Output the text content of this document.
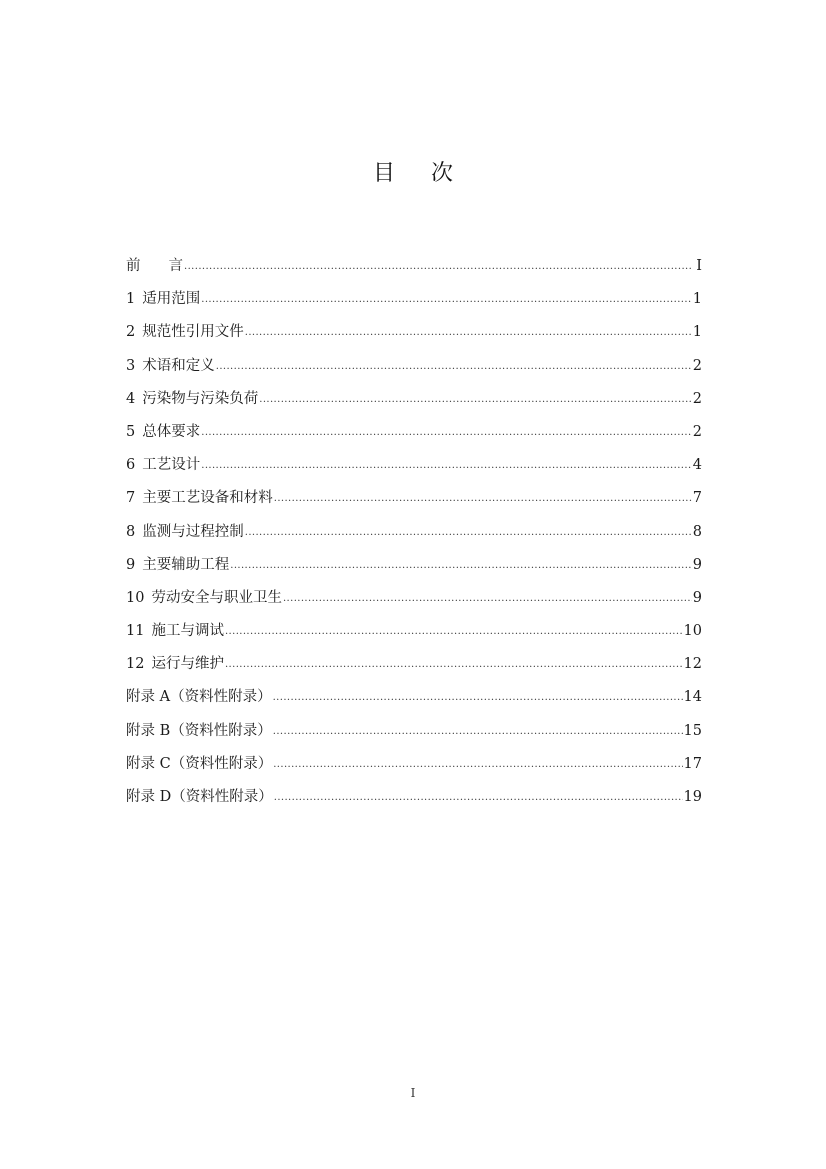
目 次
前 言 .....	I
1 适用范围 .....	1
2 规范性引用文件 .....	1
3 术语和定义 .....	2
4 污染物与污染负荷 .....	2
5 总体要求 .....	2
6 工艺设计 .....	4
7 主要工艺设备和材料 .....	7
8 监测与过程控制 .....	8
9 主要辅助工程 .....	9
10 劳动安全与职业卫生 .....	9
11 施工与调试 .....	10
12 运行与维护 .....	12
附录 A（资料性附录） .....	14
附录 B（资料性附录） .....	15
附录 C（资料性附录） .....	17
附录 D（资料性附录） .....	19
I
